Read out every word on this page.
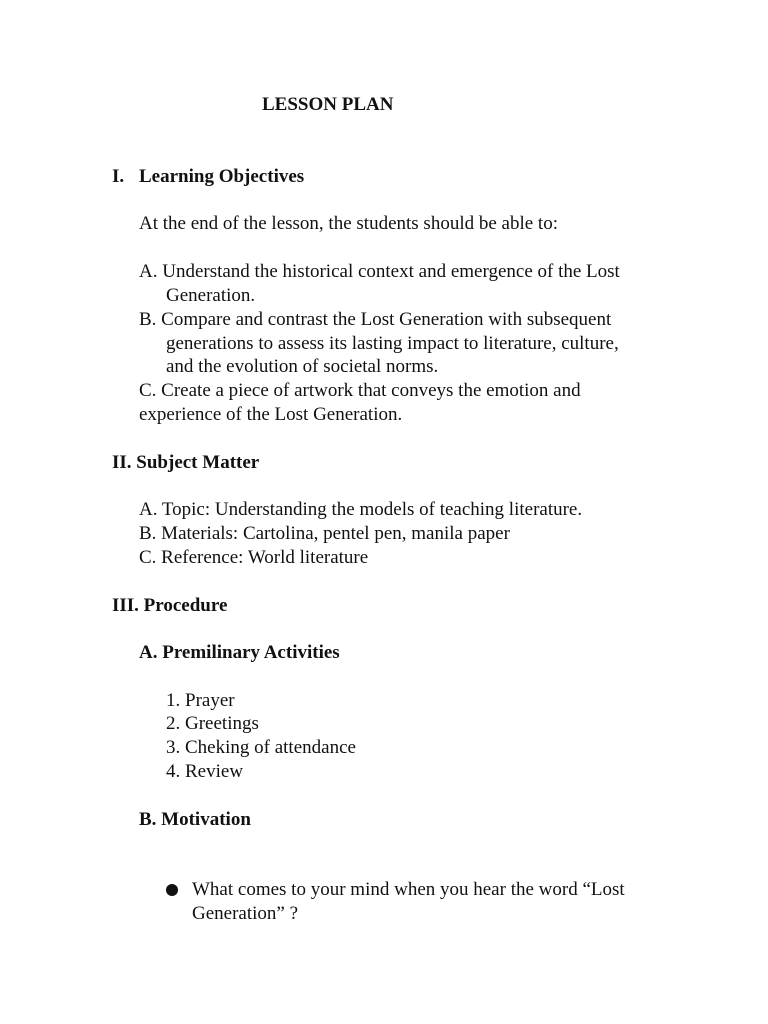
LESSON PLAN
I. Learning Objectives
At the end of the lesson, the students should be able to:
A. Understand the historical context and emergence of the Lost
Generation.
B. Compare and contrast the Lost Generation with subsequent
generations to assess its lasting impact to literature, culture,
and the evolution of societal norms.
C. Create a piece of artwork that conveys the emotion and
experience of the Lost Generation.
II. Subject Matter
A. Topic: Understanding the models of teaching literature.
B. Materials: Cartolina, pentel pen, manila paper
C. Reference: World literature
III. Procedure
A. Premilinary Activities
1. Prayer
2. Greetings
3. Cheking of attendance
4. Review
B. Motivation
What comes to your mind when you hear the word “Lost
Generation” ?
